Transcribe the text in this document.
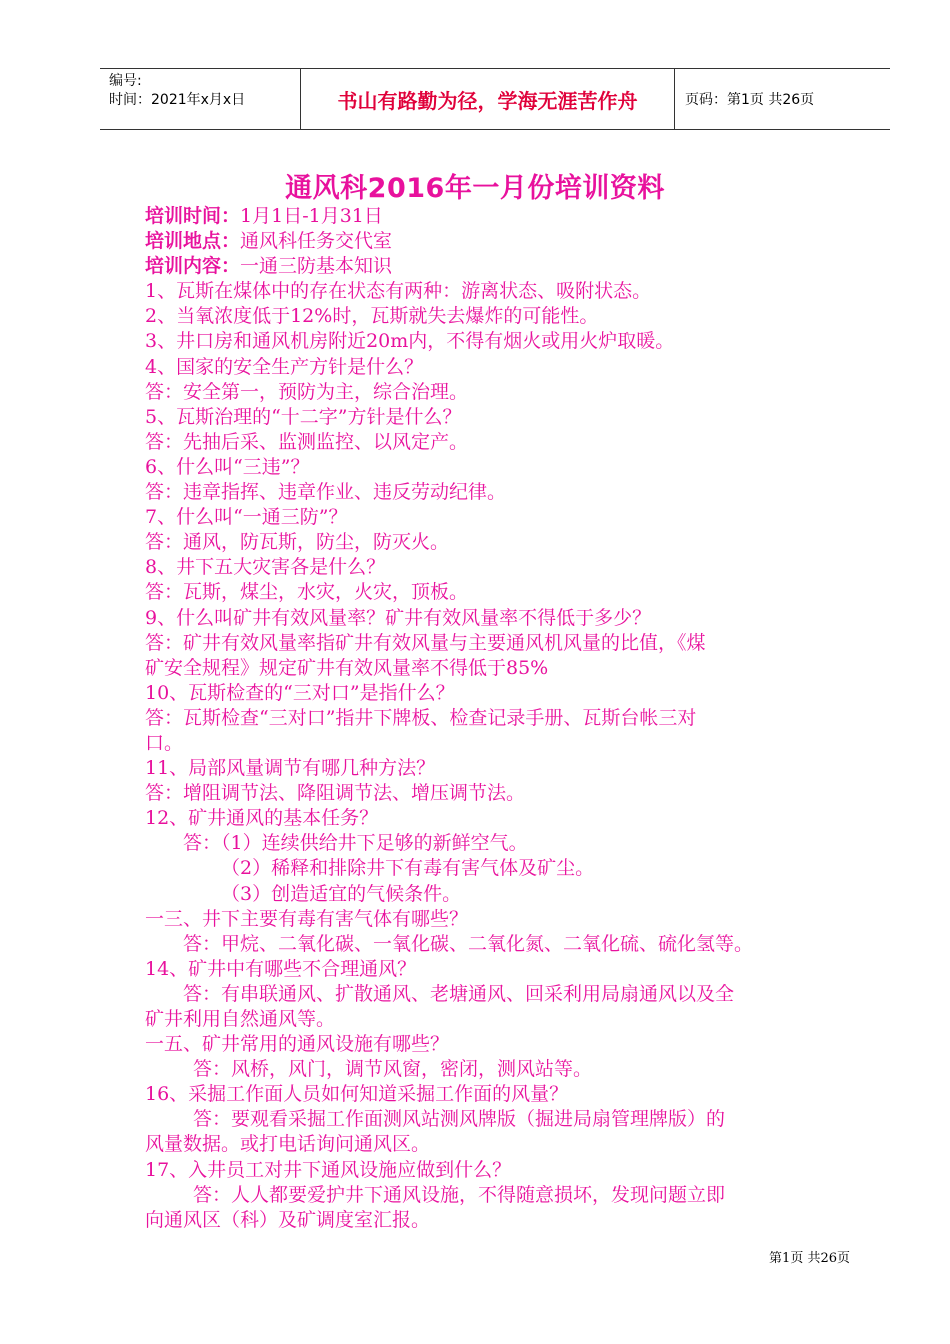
编号:
时间：2021年x月x日	书山有路勤为径，学海无涯苦作舟	页码：第1页 共26页
通风科2016年一月份培训资料
培训时间：1月1日-1月31日
培训地点：通风科任务交代室
培训内容：一通三防基本知识
1、瓦斯在煤体中的存在状态有两种：游离状态、吸附状态。
2、当氧浓度低于12%时，瓦斯就失去爆炸的可能性。
3、井口房和通风机房附近20m内，不得有烟火或用火炉取暖。
4、国家的安全生产方针是什么？
答：安全第一，预防为主，综合治理。
5、瓦斯治理的“十二字”方针是什么？
答：先抽后采、监测监控、以风定产。
6、什么叫“三违”？
答：违章指挥、违章作业、违反劳动纪律。
7、什么叫“一通三防”？
答：通风，防瓦斯，防尘，防灭火。
8、井下五大灾害各是什么？
答：瓦斯，煤尘，水灾，火灾，顶板。
9、什么叫矿井有效风量率？矿井有效风量率不得低于多少？
答：矿井有效风量率指矿井有效风量与主要通风机风量的比值，《煤
矿安全规程》规定矿井有效风量率不得低于85%
10、瓦斯检查的“三对口”是指什么？
答：瓦斯检查“三对口”指井下牌板、检查记录手册、瓦斯台帐三对
口。
11、局部风量调节有哪几种方法？
答：增阻调节法、降阻调节法、增压调节法。
12、矿井通风的基本任务？
答：（1）连续供给井下足够的新鲜空气。
（2）稀释和排除井下有毒有害气体及矿尘。
（3）创造适宜的气候条件。
一三、井下主要有毒有害气体有哪些？
答：甲烷、二氧化碳、一氧化碳、二氧化氮、二氧化硫、硫化氢等。
14、矿井中有哪些不合理通风？
答：有串联通风、扩散通风、老塘通风、回采利用局扇通风以及全
矿井利用自然通风等。
一五、矿井常用的通风设施有哪些？
答：风桥，风门，调节风窗，密闭，测风站等。
16、采掘工作面人员如何知道采掘工作面的风量？
答：要观看采掘工作面测风站测风牌版（掘进局扇管理牌版）的
风量数据。或打电话询问通风区。
17、入井员工对井下通风设施应做到什么？
答：人人都要爱护井下通风设施，不得随意损坏，发现问题立即
向通风区（科）及矿调度室汇报。
第1页 共26页
